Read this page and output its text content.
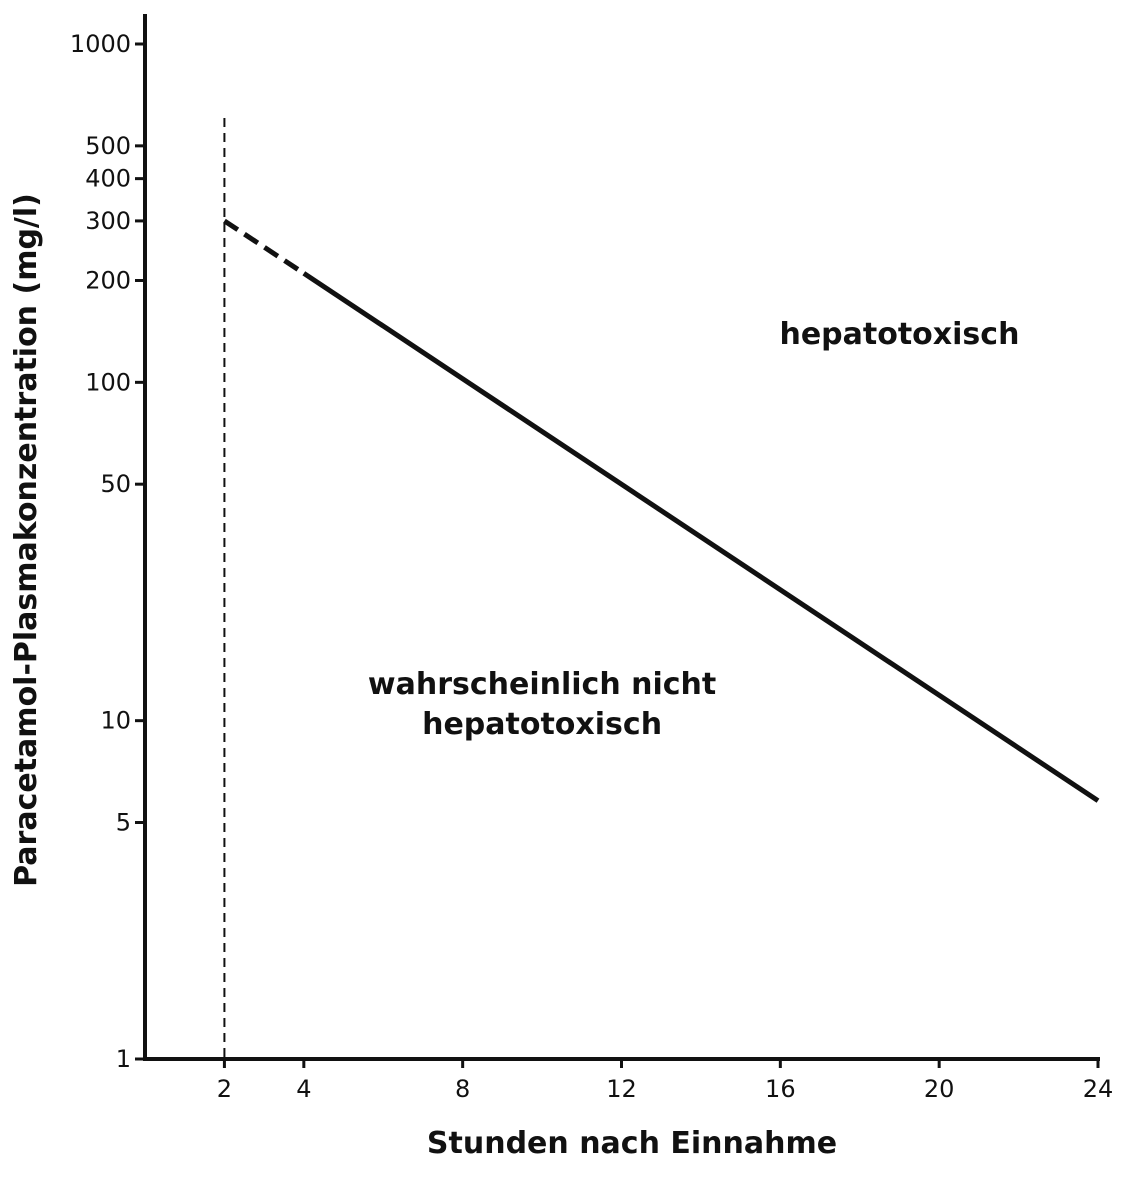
1
5
10
50
100
200
300
400
500
1000
2	4	8	12	16	20	24
hepatotoxisch
wahrscheinlich nicht
hepatotoxisch
Stunden nach Einnahme
Paracetamol-Plasmakonzentration (mg/l)
